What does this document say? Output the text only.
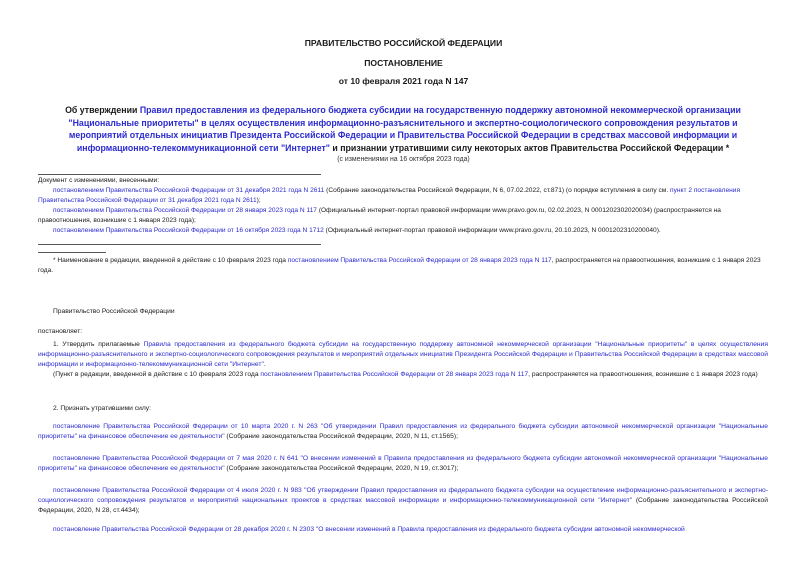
ПРАВИТЕЛЬСТВО РОССИЙСКОЙ ФЕДЕРАЦИИ
ПОСТАНОВЛЕНИЕ
от 10 февраля 2021 года N 147
Об утверждении Правил предоставления из федерального бюджета субсидии на государственную поддержку автономной некоммерческой организации "Национальные приоритеты" в целях осуществления информационно-разъяснительного и экспертно-социологического сопровождения результатов и мероприятий отдельных инициатив Президента Российской Федерации и Правительства Российской Федерации в средствах массовой информации и информационно-телекоммуникационной сети "Интернет" и признании утратившими силу некоторых актов Правительства Российской Федерации *
(с изменениями на 16 октября 2023 года)
Документ с изменениями, внесенными:
постановлением Правительства Российской Федерации от 31 декабря 2021 года N 2611 (Собрание законодательства Российской Федерации, N 6, 07.02.2022, ст.871) (о порядке вступления в силу см. пункт 2 постановления Правительства Российской Федерации от 31 декабря 2021 года N 2611);
постановлением Правительства Российской Федерации от 28 января 2023 года N 117 (Официальный интернет-портал правовой информации www.pravo.gov.ru, 02.02.2023, N 0001202302020034) (распространяется на правоотношения, возникшие с 1 января 2023 года);
постановлением Правительства Российской Федерации от 16 октября 2023 года N 1712 (Официальный интернет-портал правовой информации www.pravo.gov.ru, 20.10.2023, N 0001202310200040).
* Наименование в редакции, введенной в действие с 10 февраля 2023 года постановлением Правительства Российской Федерации от 28 января 2023 года N 117, распространяется на правоотношения, возникшие с 1 января 2023 года.
Правительство Российской Федерации
постановляет:
1. Утвердить прилагаемые Правила предоставления из федерального бюджета субсидии на государственную поддержку автономной некоммерческой организации "Национальные приоритеты" в целях осуществления информационно-разъяснительного и экспертно-социологического сопровождения результатов и мероприятий отдельных инициатив Президента Российской Федерации и Правительства Российской Федерации в средствах массовой информации и информационно-телекоммуникационной сети "Интернет".
(Пункт в редакции, введенной в действие с 10 февраля 2023 года постановлением Правительства Российской Федерации от 28 января 2023 года N 117, распространяется на правоотношения, возникшие с 1 января 2023 года)
2. Признать утратившими силу:
постановление Правительства Российской Федерации от 10 марта 2020 г. N 263 "Об утверждении Правил предоставления из федерального бюджета субсидии автономной некоммерческой организации "Национальные приоритеты" на финансовое обеспечение ее деятельности" (Собрание законодательства Российской Федерации, 2020, N 11, ст.1565);
постановление Правительства Российской Федерации от 7 мая 2020 г. N 641 "О внесении изменений в Правила предоставления из федерального бюджета субсидии автономной некоммерческой организации "Национальные приоритеты" на финансовое обеспечение ее деятельности" (Собрание законодательства Российской Федерации, 2020, N 19, ст.3017);
постановление Правительства Российской Федерации от 4 июля 2020 г. N 983 "Об утверждении Правил предоставления из федерального бюджета субсидии на осуществление информационно-разъяснительного и экспертно-социологического сопровождения результатов и мероприятий национальных проектов в средствах массовой информации и информационно-телекоммуникационной сети "Интернет" (Собрание законодательства Российской Федерации, 2020, N 28, ст.4434);
постановление Правительства Российской Федерации от 28 декабря 2020 г. N 2303 "О внесении изменений в Правила предоставления из федерального бюджета субсидии автономной некоммерческой
